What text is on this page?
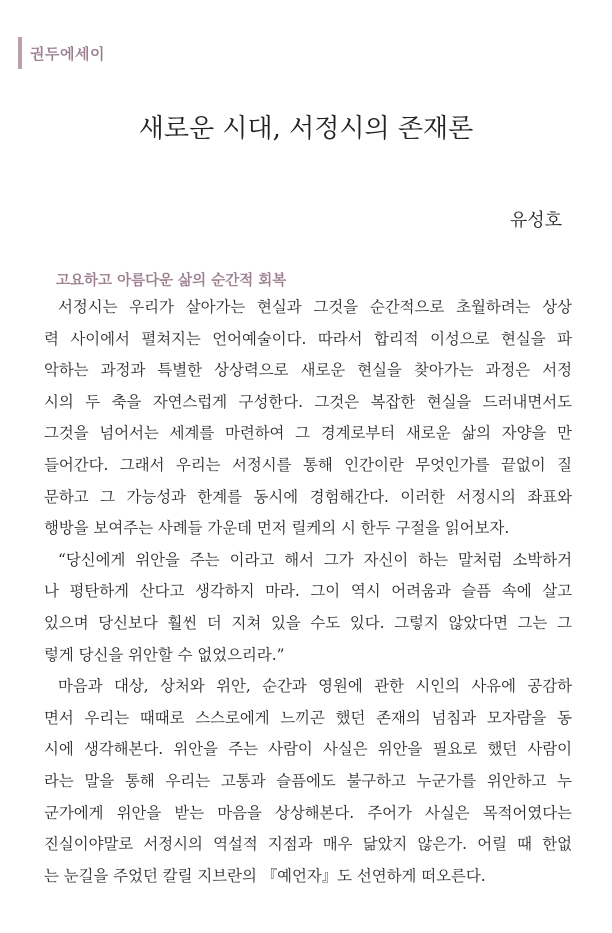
권두에세이
새로운 시대, 서정시의 존재론
유성호
고요하고 아름다운 삶의 순간적 회복

서정시는 우리가 살아가는 현실과 그것을 순간적으로 초월하려는 상상
력 사이에서 펼쳐지는 언어예술이다. 따라서 합리적 이성으로 현실을 파
악하는 과정과 특별한 상상력으로 새로운 현실을 찾아가는 과정은 서정
시의 두 축을 자연스럽게 구성한다. 그것은 복잡한 현실을 드러내면서도
그것을 넘어서는 세계를 마련하여 그 경계로부터 새로운 삶의 자양을 만
들어간다. 그래서 우리는 서정시를 통해 인간이란 무엇인가를 끝없이 질
문하고 그 가능성과 한계를 동시에 경험해간다. 이러한 서정시의 좌표와
행방을 보여주는 사례들 가운데 먼저 릴케의 시 한두 구절을 읽어보자.

“당신에게 위안을 주는 이라고 해서 그가 자신이 하는 말처럼 소박하거
나 평탄하게 산다고 생각하지 마라. 그이 역시 어려움과 슬픔 속에 살고
있으며 당신보다 훨씬 더 지쳐 있을 수도 있다. 그렇지 않았다면 그는 그
렇게 당신을 위안할 수 없었으리라.”

마음과 대상, 상처와 위안, 순간과 영원에 관한 시인의 사유에 공감하
면서 우리는 때때로 스스로에게 느끼곤 했던 존재의 넘침과 모자람을 동
시에 생각해본다. 위안을 주는 사람이 사실은 위안을 필요로 했던 사람이
라는 말을 통해 우리는 고통과 슬픔에도 불구하고 누군가를 위안하고 누
군가에게 위안을 받는 마음을 상상해본다. 주어가 사실은 목적어였다는
진실이야말로 서정시의 역설적 지점과 매우 닮았지 않은가. 어릴 때 한없
는 눈길을 주었던 칼릴 지브란의 『예언자』도 선연하게 떠오른다.
